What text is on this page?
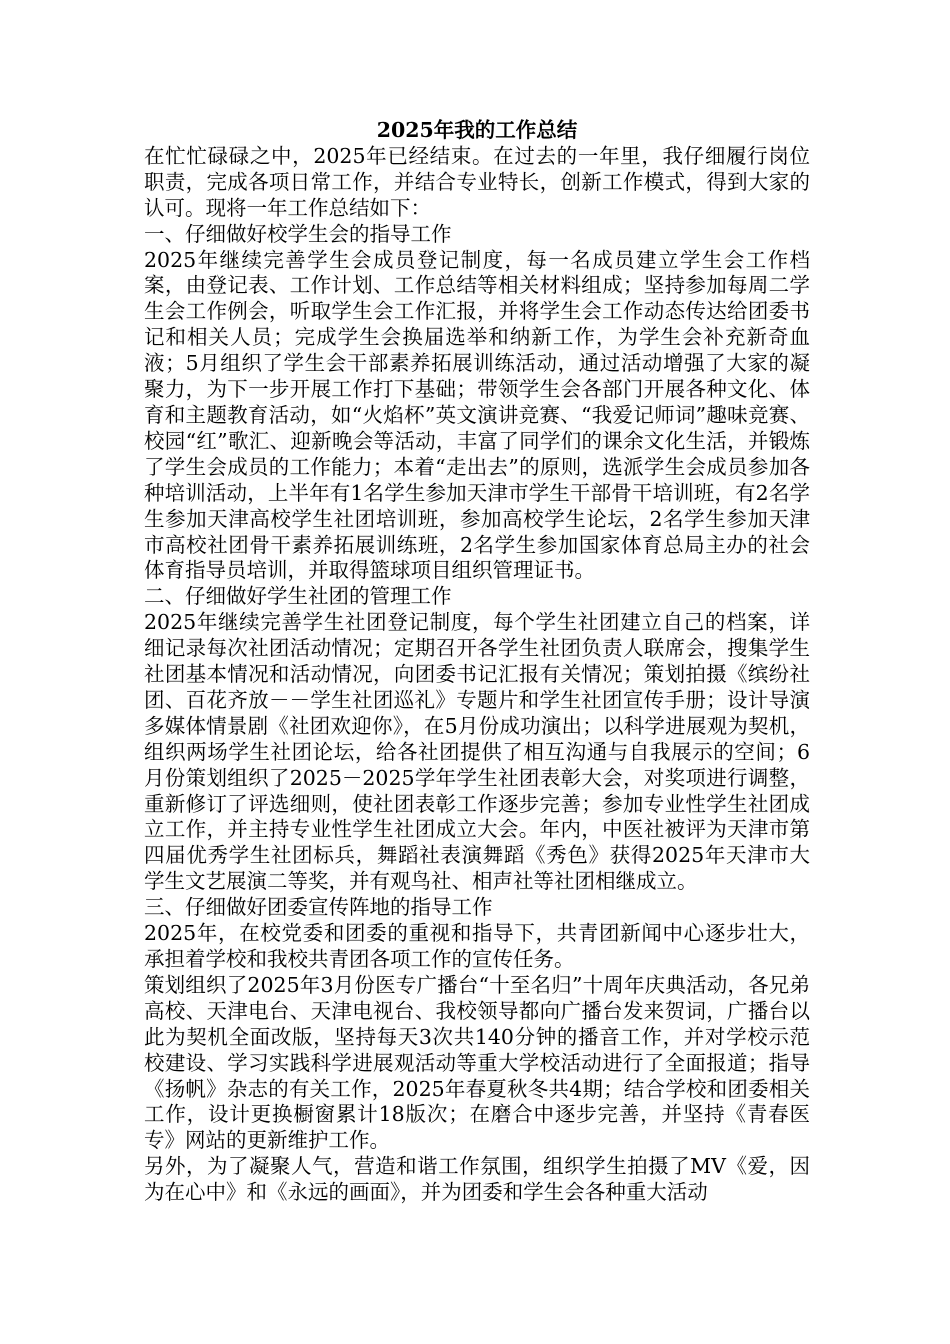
2025年我的工作总结

在忙忙碌碌之中，2025年已经结束。在过去的一年里，我仔细履行岗位职责，完成各项日常工作，并结合专业特长，创新工作模式，得到大家的认可。现将一年工作总结如下：

一、仔细做好校学生会的指导工作

2025年继续完善学生会成员登记制度，每一名成员建立学生会工作档案，由登记表、工作计划、工作总结等相关材料组成；坚持参加每周二学生会工作例会，听取学生会工作汇报，并将学生会工作动态传达给团委书记和相关人员；完成学生会换届选举和纳新工作，为学生会补充新奇血液；5月组织了学生会干部素养拓展训练活动，通过活动增强了大家的凝聚力，为下一步开展工作打下基础；带领学生会各部门开展各种文化、体育和主题教育活动，如“火焰杯”英文演讲竞赛、“我爱记师词”趣味竞赛、校园“红”歌汇、迎新晚会等活动，丰富了同学们的课余文化生活，并锻炼了学生会成员的工作能力；本着“走出去”的原则，选派学生会成员参加各种培训活动，上半年有1名学生参加天津市学生干部骨干培训班，有2名学生参加天津高校学生社团培训班，参加高校学生论坛，2名学生参加天津市高校社团骨干素养拓展训练班，2名学生参加国家体育总局主办的社会体育指导员培训，并取得篮球项目组织管理证书。

二、仔细做好学生社团的管理工作

2025年继续完善学生社团登记制度，每个学生社团建立自己的档案，详细记录每次社团活动情况；定期召开各学生社团负责人联席会，搜集学生社团基本情况和活动情况，向团委书记汇报有关情况；策划拍摄《缤纷社团、百花齐放－－学生社团巡礼》专题片和学生社团宣传手册；设计导演多媒体情景剧《社团欢迎你》，在5月份成功演出；以科学进展观为契机，组织两场学生社团论坛，给各社团提供了相互沟通与自我展示的空间；6月份策划组织了2025－2025学年学生社团表彰大会，对奖项进行调整，重新修订了评选细则，使社团表彰工作逐步完善；参加专业性学生社团成立工作，并主持专业性学生社团成立大会。年内，中医社被评为天津市第四届优秀学生社团标兵，舞蹈社表演舞蹈《秀色》获得2025年天津市大学生文艺展演二等奖，并有观鸟社、相声社等社团相继成立。

三、仔细做好团委宣传阵地的指导工作

2025年，在校党委和团委的重视和指导下，共青团新闻中心逐步壮大，承担着学校和我校共青团各项工作的宣传任务。

策划组织了2025年3月份医专广播台“十至名归”十周年庆典活动，各兄弟高校、天津电台、天津电视台、我校领导都向广播台发来贺词，广播台以此为契机全面改版，坚持每天3次共140分钟的播音工作，并对学校示范校建设、学习实践科学进展观活动等重大学校活动进行了全面报道；指导《扬帆》杂志的有关工作，2025年春夏秋冬共4期；结合学校和团委相关工作，设计更换橱窗累计18版次；在磨合中逐步完善，并坚持《青春医专》网站的更新维护工作。

另外，为了凝聚人气，营造和谐工作氛围，组织学生拍摄了MV《爱，因为在心中》和《永远的画面》，并为团委和学生会各种重大活动
